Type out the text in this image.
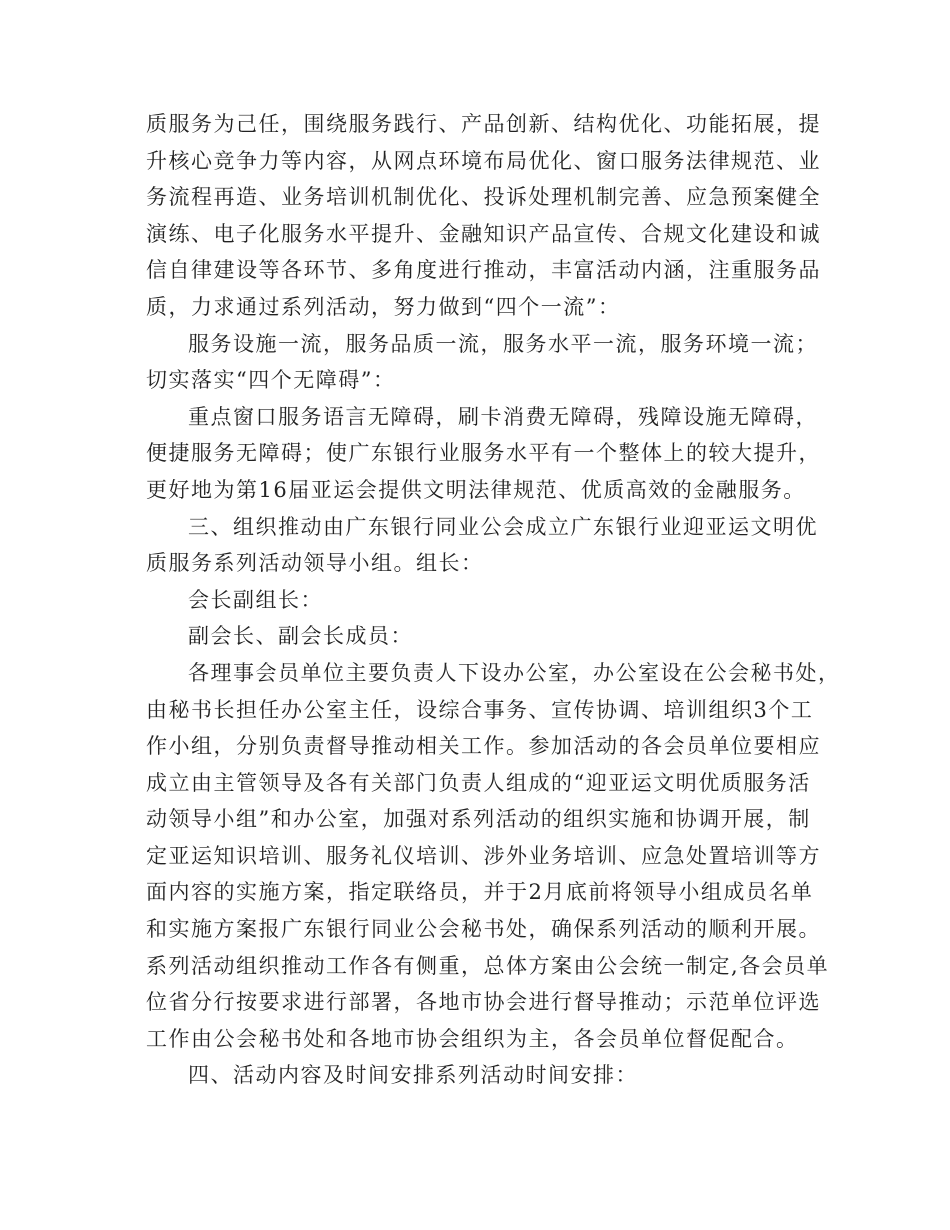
质服务为己任，围绕服务践行、产品创新、结构优化、功能拓展，提
升核心竞争力等内容，从网点环境布局优化、窗口服务法律规范、业
务流程再造、业务培训机制优化、投诉处理机制完善、应急预案健全
演练、电子化服务水平提升、金融知识产品宣传、合规文化建设和诚
信自律建设等各环节、多角度进行推动，丰富活动内涵，注重服务品
质，力求通过系列活动，努力做到“四个一流”：
服务设施一流，服务品质一流，服务水平一流，服务环境一流；
切实落实“四个无障碍”：
重点窗口服务语言无障碍，刷卡消费无障碍，残障设施无障碍，
便捷服务无障碍；使广东银行业服务水平有一个整体上的较大提升，
更好地为第16届亚运会提供文明法律规范、优质高效的金融服务。
三、组织推动由广东银行同业公会成立广东银行业迎亚运文明优
质服务系列活动领导小组。组长：
会长副组长：
副会长、副会长成员：
各理事会员单位主要负责人下设办公室，办公室设在公会秘书处，
由秘书长担任办公室主任，设综合事务、宣传协调、培训组织3个工
作小组，分别负责督导推动相关工作。参加活动的各会员单位要相应
成立由主管领导及各有关部门负责人组成的“迎亚运文明优质服务活
动领导小组”和办公室，加强对系列活动的组织实施和协调开展，制
定亚运知识培训、服务礼仪培训、涉外业务培训、应急处置培训等方
面内容的实施方案，指定联络员，并于2月底前将领导小组成员名单
和实施方案报广东银行同业公会秘书处，确保系列活动的顺利开展。
系列活动组织推动工作各有侧重，总体方案由公会统一制定,各会员单
位省分行按要求进行部署，各地市协会进行督导推动；示范单位评选
工作由公会秘书处和各地市协会组织为主，各会员单位督促配合。
四、活动内容及时间安排系列活动时间安排：
